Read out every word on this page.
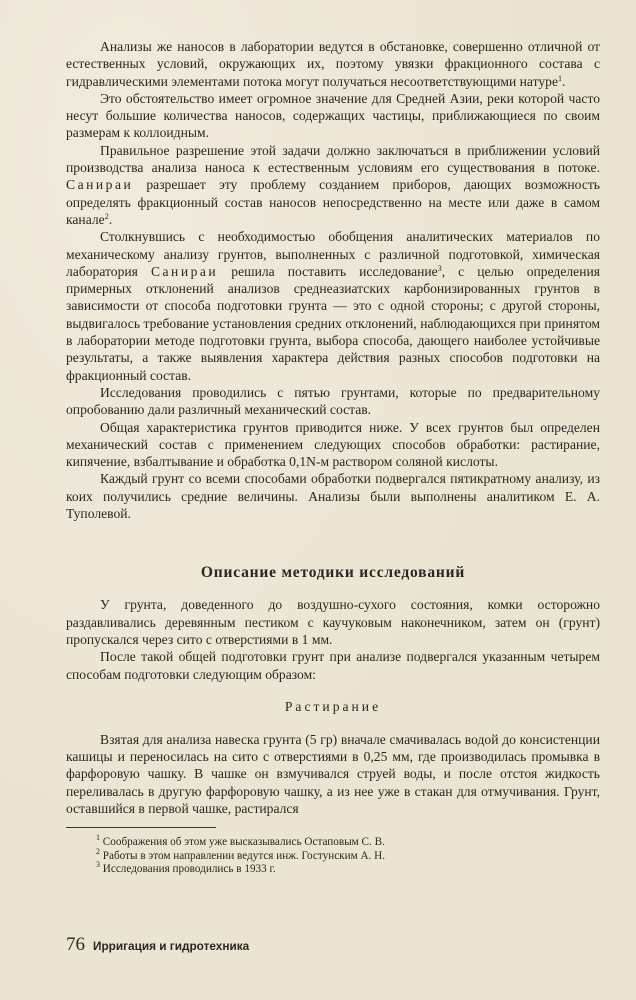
Анализы же наносов в лаборатории ведутся в обстановке, совершенно отличной от естественных условий, окружающих их, поэтому увязки фракционного состава с гидравлическими элементами потока могут получаться несоответствующими натуре$^1$.

Это обстоятельство имеет огромное значение для Средней Азии, реки которой часто несут большие количества наносов, содержащих частицы, приближающиеся по своим размерам к коллоидным.

Правильное разрешение этой задачи должно заключаться в приближении условий производства анализа наноса к естественным условиям его существования в потоке. Санираи разрешает эту проблему созданием приборов, дающих возможность определять фракционный состав наносов непосредственно на месте или даже в самом канале$^2$.

Столкнувшись с необходимостью обобщения аналитических материалов по механическому анализу грунтов, выполненных с различной подготовкой, химическая лаборатория Санираи решила поставить исследование$^3$, с целью определения примерных отклонений анализов среднеазиатских карбонизированных грунтов в зависимости от способа подготовки грунта — это с одной стороны; с другой стороны, выдвигалось требование установления средних отклонений, наблюдающихся при принятом в лаборатории методе подготовки грунта, выбора способа, дающего наиболее устойчивые результаты, а также выявления характера действия разных способов подготовки на фракционный состав.

Исследования проводились с пятью грунтами, которые по предварительному опробованию дали различный механический состав.

Общая характеристика грунтов приводится ниже. У всех грунтов был определен механический состав с применением следующих способов обработки: растирание, кипячение, взбалтывание и обработка 0,1N-м раствором соляной кислоты.

Каждый грунт со всеми способами обработки подвергался пятикратному анализу, из коих получились средние величины. Анализы были выполнены аналитиком Е. А. Туполевой.

Описание методики исследований

У грунта, доведенного до воздушно-сухого состояния, комки осторожно раздавливались деревянным пестиком с каучуковым наконечником, затем он (грунт) пропускался через сито с отверстиями в 1 мм.

После такой общей подготовки грунт при анализе подвергался указанным четырем способам подготовки следующим образом:

Растирание

Взятая для анализа навеска грунта (5 гр) вначале смачивалась водой до консистенции кашицы и переносилась на сито с отверстиями в 0,25 мм, где производилась промывка в фарфоровую чашку. В чашке он взмучивался струей воды, и после отстоя жидкость переливалась в другую фарфоровую чашку, а из нее уже в стакан для отмучивания. Грунт, оставшийся в первой чашке, растирался

$^1$ Соображения об этом уже высказывались Остаповым С. В.

$^2$ Работы в этом направлении ведутся инж. Гостунским А. Н.

$^3$ Исследования проводились в 1933 г.

76 Ирригация и гидротехника
